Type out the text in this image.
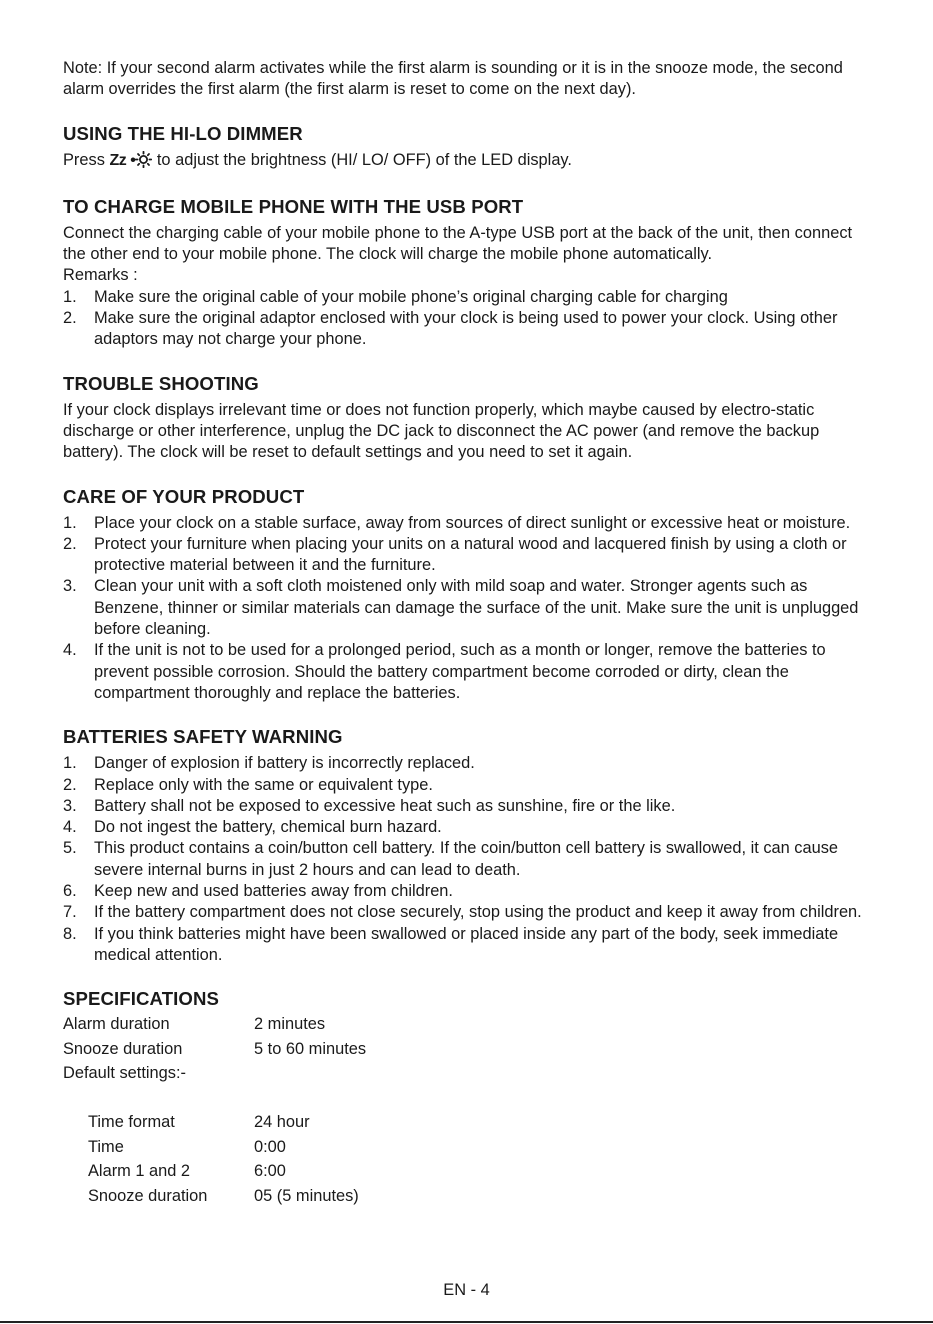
Note: If your second alarm activates while the first alarm is sounding or it is in the snooze mode, the second alarm overrides the first alarm (the first alarm is reset to come on the next day).

USING THE HI-LO DIMMER

Press Zz • to adjust the brightness (HI/ LO/ OFF) of the LED display.

TO CHARGE MOBILE PHONE WITH THE USB PORT

Connect the charging cable of your mobile phone to the A-type USB port at the back of the unit, then connect the other end to your mobile phone. The clock will charge the mobile phone automatically.

Remarks :

1.	Make sure the original cable of your mobile phone’s original charging cable for charging
2.	Make sure the original adaptor enclosed with your clock is being used to power your clock. Using other adaptors may not charge your phone.
TROUBLE SHOOTING

If your clock displays irrelevant time or does not function properly, which maybe caused by electro-static discharge or other interference, unplug the DC jack to disconnect the AC power (and remove the backup battery). The clock will be reset to default settings and you need to set it again.

CARE OF YOUR PRODUCT
1.	Place your clock on a stable surface, away from sources of direct sunlight or excessive heat or moisture.
2.	Protect your furniture when placing your units on a natural wood and lacquered finish by using a cloth or protective material between it and the furniture.
3.	Clean your unit with a soft cloth moistened only with mild soap and water. Stronger agents such as Benzene, thinner or similar materials can damage the surface of the unit. Make sure the unit is unplugged before cleaning.
4.	If the unit is not to be used for a prolonged period, such as a month or longer, remove the batteries to prevent possible corrosion. Should the battery compartment become corroded or dirty, clean the compartment thoroughly and replace the batteries.
BATTERIES SAFETY WARNING
1.	Danger of explosion if battery is incorrectly replaced.
2.	Replace only with the same or equivalent type.
3.	Battery shall not be exposed to excessive heat such as sunshine, fire or the like.
4.	Do not ingest the battery, chemical burn hazard.
5.	This product contains a coin/button cell battery. If the coin/button cell battery is swallowed, it can cause severe internal burns in just 2 hours and can lead to death.
6.	Keep new and used batteries away from children.
7.	If the battery compartment does not close securely, stop using the product and keep it away from children.
8.	If you think batteries might have been swallowed or placed inside any part of the body, seek immediate medical attention.
SPECIFICATIONS
Alarm duration	2 minutes
Snooze duration	5 to 60 minutes
Default settings:-	

Time format	24 hour
Time	0:00
Alarm 1 and 2	6:00
Snooze duration	05 (5 minutes)
EN - 4
